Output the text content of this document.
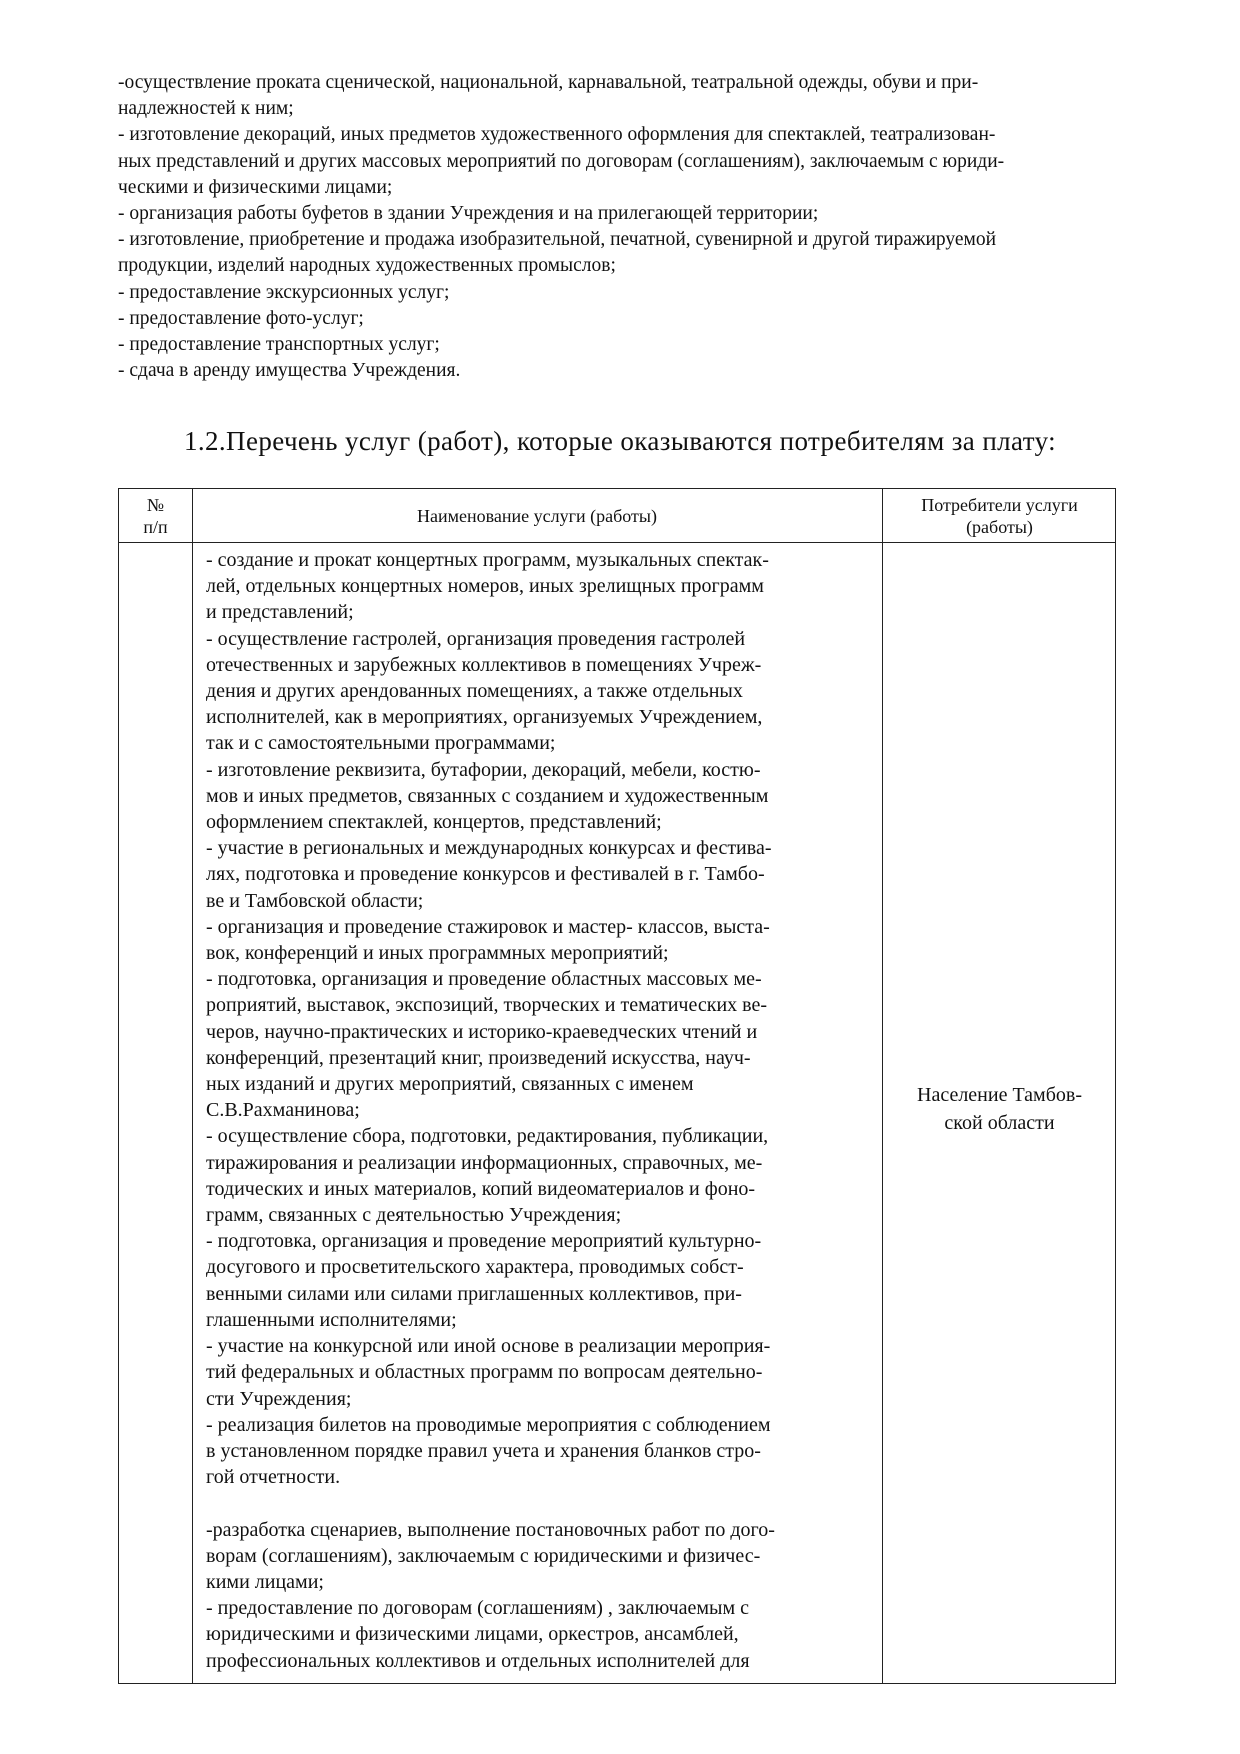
-осуществление проката сценической, национальной, карнавальной, театральной одежды, обуви и при-
надлежностей к ним;
- изготовление декораций, иных предметов художественного оформления для спектаклей, театрализован-
ных представлений и других массовых мероприятий по договорам (соглашениям), заключаемым с юриди-
ческими и физическими лицами;
- организация работы буфетов в здании Учреждения и на прилегающей территории;
- изготовление, приобретение и продажа изобразительной, печатной, сувенирной и другой тиражируемой
продукции, изделий народных художественных промыслов;
- предоставление экскурсионных услуг;
- предоставление фото-услуг;
- предоставление транспортных услуг;
- сдача в аренду имущества Учреждения.
1.2.Перечень услуг (работ), которые оказываются потребителям за плату:
№
п/п
Наименование услуги (работы)
Потребители услуги
(работы)
- создание и прокат концертных программ, музыкальных спектак-
лей, отдельных концертных номеров, иных зрелищных программ
и представлений;
- осуществление гастролей, организация проведения гастролей
отечественных и зарубежных коллективов в помещениях Учреж-
дения и других арендованных помещениях, а также отдельных
исполнителей, как в мероприятиях, организуемых Учреждением,
так и с самостоятельными программами;
- изготовление реквизита, бутафории, декораций, мебели, костю-
мов и иных предметов, связанных с созданием и художественным
оформлением спектаклей, концертов, представлений;
- участие в региональных и международных конкурсах и фестива-
лях, подготовка и проведение конкурсов и фестивалей в г. Тамбо-
ве и Тамбовской области;
- организация и проведение стажировок и мастер- классов, выста-
вок, конференций и иных программных мероприятий;
- подготовка, организация и проведение областных массовых ме-
роприятий, выставок, экспозиций, творческих и тематических ве-
черов, научно-практических и историко-краеведческих чтений и
конференций, презентаций книг, произведений искусства, науч-
ных изданий и других мероприятий, связанных с именем
С.В.Рахманинова;
- осуществление сбора, подготовки, редактирования, публикации,
тиражирования и реализации информационных, справочных, ме-
тодических и иных материалов, копий видеоматериалов и фоно-
грамм, связанных с деятельностью Учреждения;
- подготовка, организация и проведение мероприятий культурно-
досугового и просветительского характера, проводимых собст-
венными силами или силами приглашенных коллективов, при-
глашенными исполнителями;
- участие на конкурсной или иной основе в реализации мероприя-
тий федеральных и областных программ по вопросам деятельно-
сти Учреждения;
- реализация билетов на проводимые мероприятия с соблюдением
в установленном порядке правил учета и хранения бланков стро-
гой отчетности.

-разработка сценариев, выполнение постановочных работ по дого-
ворам (соглашениям), заключаемым с юридическими и физичес-
кими лицами;
- предоставление по договорам (соглашениям) , заключаемым с
юридическими и физическими лицами, оркестров, ансамблей,
профессиональных коллективов и отдельных исполнителей для
Население Тамбов-
ской области
